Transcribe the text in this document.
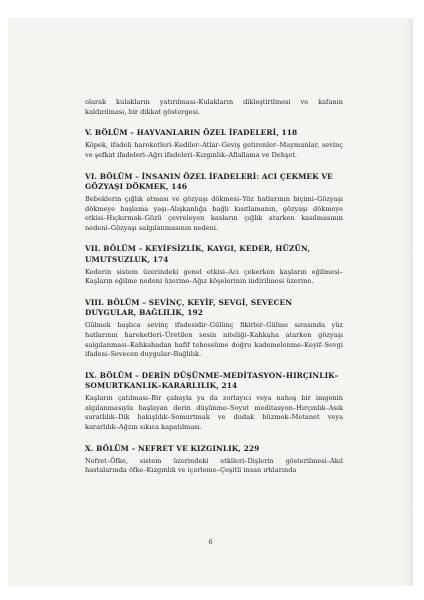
olarak kulakların yatırılması–Kulakların dikleştirilmesi ve kafanın kaldırılması, bir dikkat göstergesi.

V. BÖLÜM – HAYVANLARIN ÖZEL İFADELERİ, 118

Köpek, ifadeli hareketleri–Kediler–Atlar–Geviş getirenler–Maymunlar, sevinç ve şefkat ifadeleri–Ağrı ifadeleri–Kızgınlık–Aflallama ve Dehşet.

VI. BÖLÜM – İNSANIN ÖZEL İFADELERİ: ACI ÇEKMEK VE GÖZYAŞI DÖKMEK, 146

Bebeklerin çığlık atması ve gözyaşı dökmesi–Yüz hatlarının biçimi–Gözyaşı dökmeye başlama yaşı–Alışkanlığa bağlı kısıtlamanın, gözyaşı dökmeye etkisi–Hıçkırmak–Gözü çevreleyen kasların çığlık atarken kasılmasının nedeni–Gözyaşı salgılanmasının nedeni.

VII. BÖLÜM – KEYİFSİZLİK, KAYGI, KEDER, HÜZÜN, UMUTSUZLUK, 174

Kederin sistem üzerindeki genel etkisi–Acı çekerken kaşların eğilmesi–Kaşların eğilme nedeni üzerine–Ağız köşelerinin indirilmesi üzerine.

VIII. BÖLÜM – SEVİNÇ, KEYİF, SEVGİ, SEVECEN DUYGULAR, BAĞLILIK, 192

Gülmek başlıca sevinç ifadesidir–Gülünç fikirler–Gülme sırasında yüz hatlarının hareketleri–Üretilen sesin niteliği–Kahkaha atarken gözyaşı salgılanması–Kahkahadan hafif tebessüme doğru kademelenme–Keyif–Sevgi ifadesi–Sevecen duygular–Bağlılık.

IX. BÖLÜM – DERİN DÜŞÜNME–MEDİTASYON–HIRÇINLIK–SOMURTKANLIK–KARARLILIK, 214

Kaşların çatılması–Bir çabayla ya da zorlayıcı veya nahoş bir imgenin algılanmasıyla başlayan derin düşünme–Soyut meditasyon–Hırçınlık–Asık suratlılık–Dik bakışlılık–Somurtmak ve dudak büzmek–Metanet veya kararlılık–Ağzın sıkıca kapatılması.

X. BÖLÜM – NEFRET VE KIZGINLIK, 229

Nefret–Öfke, sistem üzerindeki etkileri–Dişlerin gösterilmesi–Akıl hastalarında öfke–Kızgınlık ve içerleme–Çeşitli insan ırklarında

6
